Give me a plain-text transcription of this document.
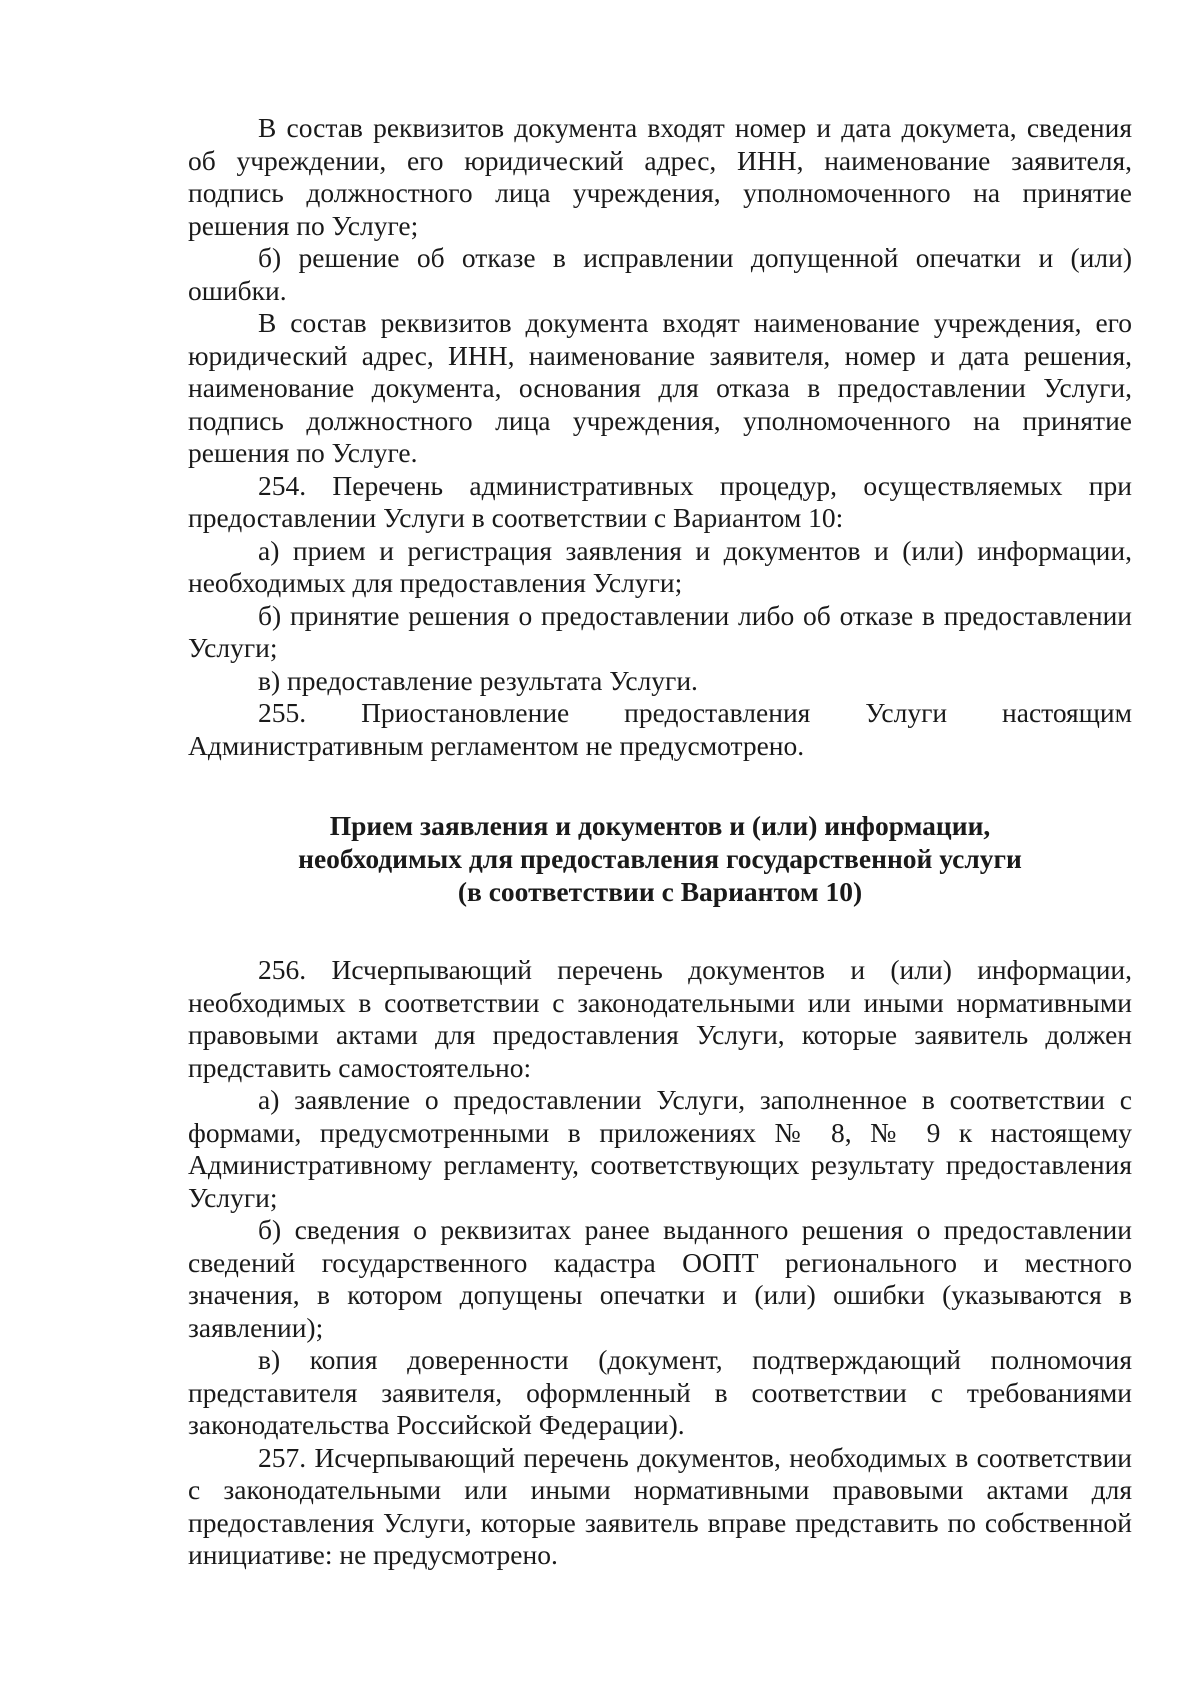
В состав реквизитов документа входят номер и дата докумета, сведения об учреждении, его юридический адрес, ИНН, наименование заявителя, подпись должностного лица учреждения, уполномоченного на принятие решения по Услуге;

б) решение об отказе в исправлении допущенной опечатки и (или) ошибки.

В состав реквизитов документа входят наименование учреждения, его юридический адрес, ИНН, наименование заявителя, номер и дата решения, наименование документа, основания для отказа в предоставлении Услуги, подпись должностного лица учреждения, уполномоченного на принятие решения по Услуге.

254. Перечень административных процедур, осуществляемых при предоставлении Услуги в соответствии с Вариантом 10:

а) прием и регистрация заявления и документов и (или) информации, необходимых для предоставления Услуги;

б) принятие решения о предоставлении либо об отказе в предоставлении Услуги;

в) предоставление результата Услуги.

255. Приостановление предоставления Услуги настоящим Административным регламентом не предусмотрено.

Прием заявления и документов и (или) информации,
необходимых для предоставления государственной услуги
(в соответствии с Вариантом 10)

256. Исчерпывающий перечень документов и (или) информации, необходимых в соответствии с законодательными или иными нормативными правовыми актами для предоставления Услуги, которые заявитель должен представить самостоятельно:

а) заявление о предоставлении Услуги, заполненное в соответствии с формами, предусмотренными в приложениях № 8, № 9 к настоящему Административному регламенту, соответствующих результату предоставления Услуги;

б) сведения о реквизитах ранее выданного решения о предоставлении сведений государственного кадастра ООПТ регионального и местного значения, в котором допущены опечатки и (или) ошибки (указываются в заявлении);

в) копия доверенности (документ, подтверждающий полномочия представителя заявителя, оформленный в соответствии с требованиями законодательства Российской Федерации).

257. Исчерпывающий перечень документов, необходимых в соответствии с законодательными или иными нормативными правовыми актами для предоставления Услуги, которые заявитель вправе представить по собственной инициативе: не предусмотрено.
